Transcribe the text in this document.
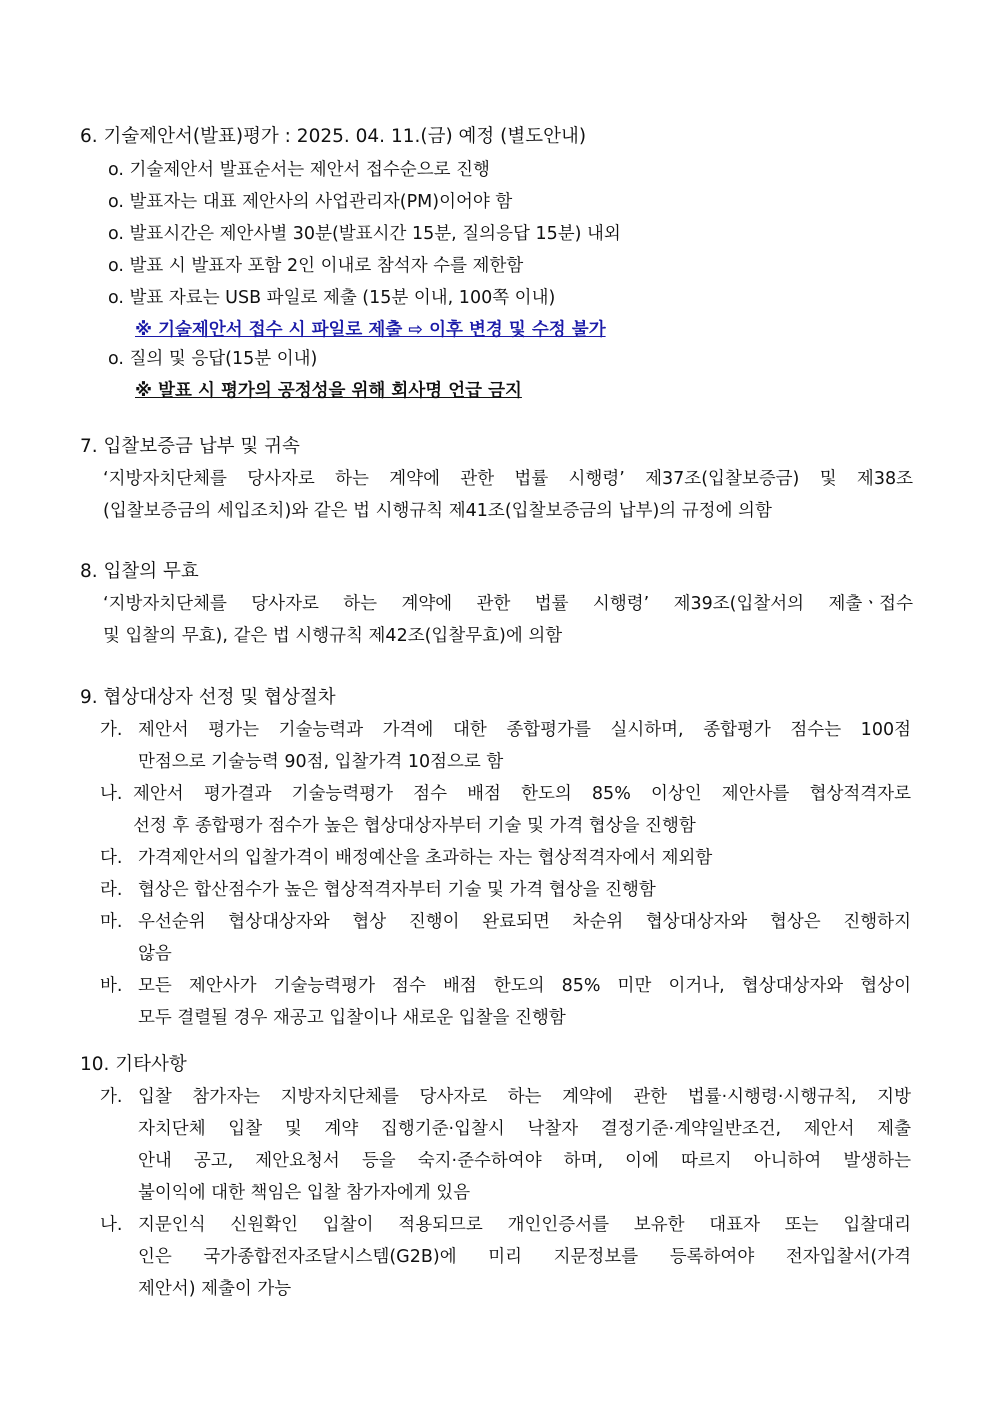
6. 기술제안서(발표)평가 : 2025. 04. 11.(금) 예정 (별도안내)
o. 기술제안서 발표순서는 제안서 접수순으로 진행
o. 발표자는 대표 제안사의 사업관리자(PM)이어야 함
o. 발표시간은 제안사별 30분(발표시간 15분, 질의응답 15분) 내외
o. 발표 시 발표자 포함 2인 이내로 참석자 수를 제한함
o. 발표 자료는 USB 파일로 제출 (15분 이내, 100쪽 이내)
※ 기술제안서 접수 시 파일로 제출 ⇨ 이후 변경 및 수정 불가
o. 질의 및 응답(15분 이내)
※ 발표 시 평가의 공정성을 위해 회사명 언급 금지
7. 입찰보증금 납부 및 귀속
‘지방자치단체를 당사자로 하는 계약에 관한 법률 시행령’ 제37조(입찰보증금) 및 제38조
(입찰보증금의 세입조치)와 같은 법 시행규칙 제41조(입찰보증금의 납부)의 규정에 의함
8. 입찰의 무효
‘지방자치단체를 당사자로 하는 계약에 관한 법률 시행령’ 제39조(입찰서의 제출ㆍ접수
및 입찰의 무효), 같은 법 시행규칙 제42조(입찰무효)에 의함
9. 협상대상자 선정 및 협상절차
가. 제안서 평가는 기술능력과 가격에 대한 종합평가를 실시하며, 종합평가 점수는 100점
만점으로 기술능력 90점, 입찰가격 10점으로 함
나. 제안서 평가결과 기술능력평가 점수 배점 한도의 85% 이상인 제안사를 협상적격자로
선정 후 종합평가 점수가 높은 협상대상자부터 기술 및 가격 협상을 진행함
다. 가격제안서의 입찰가격이 배정예산을 초과하는 자는 협상적격자에서 제외함
라. 협상은 합산점수가 높은 협상적격자부터 기술 및 가격 협상을 진행함
마. 우선순위 협상대상자와 협상 진행이 완료되면 차순위 협상대상자와 협상은 진행하지
않음
바. 모든 제안사가 기술능력평가 점수 배점 한도의 85% 미만 이거나, 협상대상자와 협상이
모두 결렬될 경우 재공고 입찰이나 새로운 입찰을 진행함
10. 기타사항
가. 입찰 참가자는 지방자치단체를 당사자로 하는 계약에 관한 법률·시행령·시행규칙, 지방
자치단체 입찰 및 계약 집행기준·입찰시 낙찰자 결정기준·계약일반조건, 제안서 제출
안내 공고, 제안요청서 등을 숙지·준수하여야 하며, 이에 따르지 아니하여 발생하는
불이익에 대한 책임은 입찰 참가자에게 있음
나. 지문인식 신원확인 입찰이 적용되므로 개인인증서를 보유한 대표자 또는 입찰대리
인은 국가종합전자조달시스템(G2B)에 미리 지문정보를 등록하여야 전자입찰서(가격
제안서) 제출이 가능
